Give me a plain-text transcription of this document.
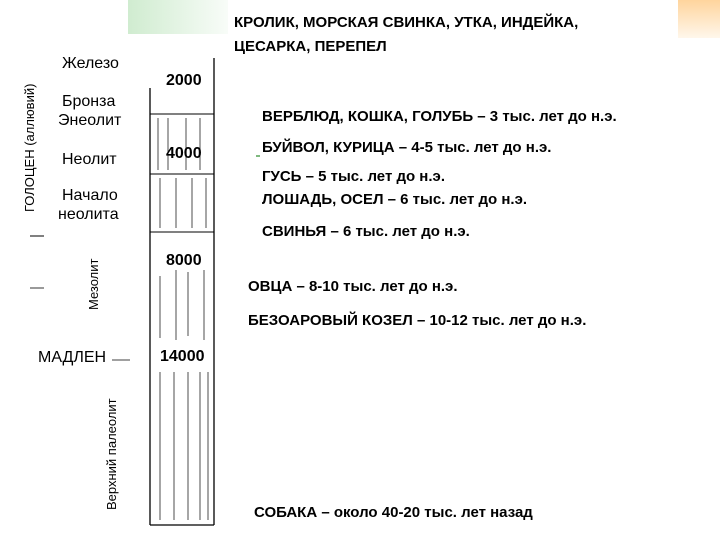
ГОЛОЦЕН (аллювий)
Мезолит
Верхний палеолит
Железо
Бронза
Энеолит
Неолит
Начало
неолита
МАДЛЕН
2000
4000
8000
14000
КРОЛИК, МОРСКАЯ СВИНКА, УТКА, ИНДЕЙКА,
ЦЕСАРКА, ПЕРЕПЕЛ
ВЕРБЛЮД, КОШКА, ГОЛУБЬ – 3 тыс. лет до н.э.
БУЙВОЛ, КУРИЦА – 4-5 тыс. лет до н.э.
ГУСЬ – 5 тыс. лет до н.э.
ЛОШАДЬ, ОСЕЛ – 6 тыс. лет до н.э.
СВИНЬЯ – 6 тыс. лет до н.э.
ОВЦА – 8-10 тыс. лет до н.э.
БЕЗОАРОВЫЙ КОЗЕЛ – 10-12 тыс. лет до н.э.
СОБАКА – около 40-20 тыс. лет назад
